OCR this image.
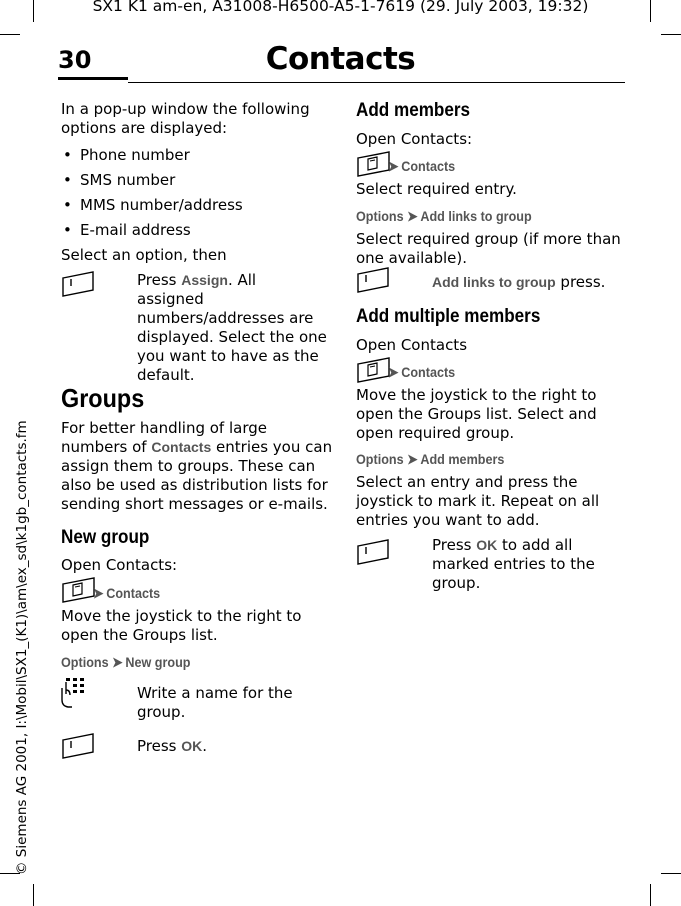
SX1 K1 am-en, A31008-H6500-A5-1-7619 (29. July 2003, 19:32)
30	Contacts
© Siemens AG 2001, I:\Mobil\SX1_(K1)\am\ex_sd\k1gb_contacts.fm

In a pop-up window the following options are displayed:

• Phone number
• SMS number
• MMS number/address
• E-mail address

Select an option, then

Press Assign. All assigned numbers/addresses are displayed. Select the one you want to have as the default.

Groups

For better handling of large numbers of Contacts entries you can assign them to groups. These can also be used as distribution lists for sending short messages or e-mails.

New group

Open Contacts:

➤ Contacts

Move the joystick to the right to open the Groups list.

Options ➤ New group

Write a name for the group.

Press OK.

Add members

Open Contacts:

➤ Contacts

Select required entry.

Options ➤ Add links to group

Select required group (if more than one available).

Add links to group press.

Add multiple members

Open Contacts

➤ Contacts

Move the joystick to the right to open the Groups list. Select and open required group.

Options ➤ Add members

Select an entry and press the joystick to mark it. Repeat on all entries you want to add.

Press OK to add all marked entries to the group.
